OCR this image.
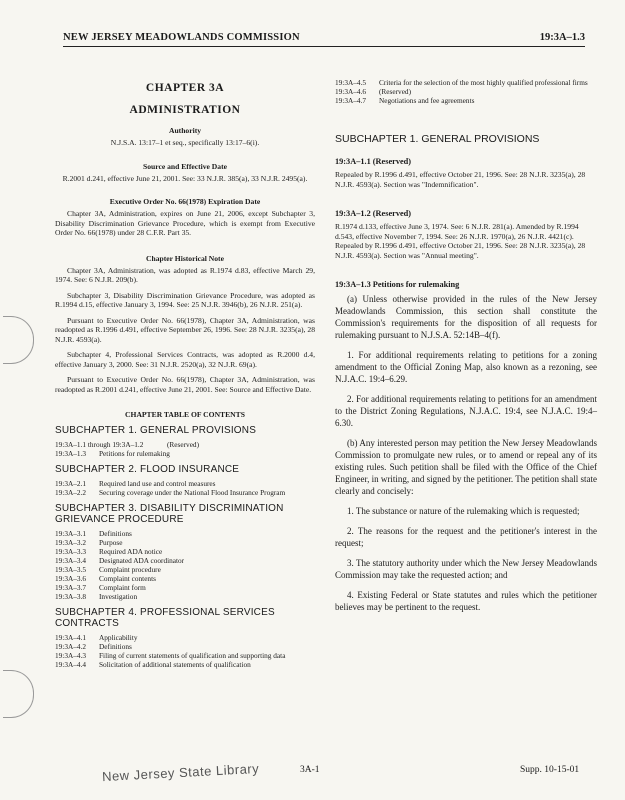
NEW JERSEY MEADOWLANDS COMMISSION	19:3A–1.3
CHAPTER 3A
ADMINISTRATION
Authority
N.J.S.A. 13:17–1 et seq., specifically 13:17–6(i).
Source and Effective Date
R.2001 d.241, effective June 21, 2001. See: 33 N.J.R. 385(a), 33 N.J.R. 2495(a).
Executive Order No. 66(1978) Expiration Date
Chapter 3A, Administration, expires on June 21, 2006, except Subchapter 3, Disability Discrimination Grievance Procedure, which is exempt from Executive Order No. 66(1978) under 28 C.F.R. Part 35.
Chapter Historical Note
Chapter 3A, Administration, was adopted as R.1974 d.83, effective March 29, 1974. See: 6 N.J.R. 209(b).
Subchapter 3, Disability Discrimination Grievance Procedure, was adopted as R.1994 d.15, effective January 3, 1994. See: 25 N.J.R. 3946(b), 26 N.J.R. 251(a).
Pursuant to Executive Order No. 66(1978), Chapter 3A, Administration, was readopted as R.1996 d.491, effective September 26, 1996. See: 28 N.J.R. 3235(a), 28 N.J.R. 4593(a).
Subchapter 4, Professional Services Contracts, was adopted as R.2000 d.4, effective January 3, 2000. See: 31 N.J.R. 2520(a), 32 N.J.R. 69(a).
Pursuant to Executive Order No. 66(1978), Chapter 3A, Administration, was readopted as R.2001 d.241, effective June 21, 2001. See: Source and Effective Date.
CHAPTER TABLE OF CONTENTS
SUBCHAPTER 1. GENERAL PROVISIONS
19:3A–1.1 through 19:3A–1.2	(Reserved)
19:3A–1.3	Petitions for rulemaking
SUBCHAPTER 2. FLOOD INSURANCE
19:3A–2.1	Required land use and control measures
19:3A–2.2	Securing coverage under the National Flood Insurance Program
SUBCHAPTER 3. DISABILITY DISCRIMINATION GRIEVANCE PROCEDURE
19:3A–3.1	Definitions
19:3A–3.2	Purpose
19:3A–3.3	Required ADA notice
19:3A–3.4	Designated ADA coordinator
19:3A–3.5	Complaint procedure
19:3A–3.6	Complaint contents
19:3A–3.7	Complaint form
19:3A–3.8	Investigation
SUBCHAPTER 4. PROFESSIONAL SERVICES CONTRACTS
19:3A–4.1	Applicability
19:3A–4.2	Definitions
19:3A–4.3	Filing of current statements of qualification and supporting data
19:3A–4.4	Solicitation of additional statements of qualification
19:3A–4.5	Criteria for the selection of the most highly qualified professional firms
19:3A–4.6	(Reserved)
19:3A–4.7	Negotiations and fee agreements
SUBCHAPTER 1. GENERAL PROVISIONS
19:3A–1.1 (Reserved)
Repealed by R.1996 d.491, effective October 21, 1996. See: 28 N.J.R. 3235(a), 28 N.J.R. 4593(a). Section was "Indemnification".
19:3A–1.2 (Reserved)
R.1974 d.133, effective June 3, 1974. See: 6 N.J.R. 281(a). Amended by R.1994 d.543, effective November 7, 1994. See: 26 N.J.R. 1970(a), 26 N.J.R. 4421(c). Repealed by R.1996 d.491, effective October 21, 1996. See: 28 N.J.R. 3235(a), 28 N.J.R. 4593(a). Section was "Annual meeting".
19:3A–1.3 Petitions for rulemaking
(a) Unless otherwise provided in the rules of the New Jersey Meadowlands Commission, this section shall constitute the Commission's requirements for the disposition of all requests for rulemaking pursuant to N.J.S.A. 52:14B–4(f).
1. For additional requirements relating to petitions for a zoning amendment to the Official Zoning Map, also known as a rezoning, see N.J.A.C. 19:4–6.29.
2. For additional requirements relating to petitions for an amendment to the District Zoning Regulations, N.J.A.C. 19:4, see N.J.A.C. 19:4–6.30.
(b) Any interested person may petition the New Jersey Meadowlands Commission to promulgate new rules, or to amend or repeal any of its existing rules. Such petition shall be filed with the Office of the Chief Engineer, in writing, and signed by the petitioner. The petition shall state clearly and concisely:
1. The substance or nature of the rulemaking which is requested;
2. The reasons for the request and the petitioner's interest in the request;
3. The statutory authority under which the New Jersey Meadowlands Commission may take the requested action; and
4. Existing Federal or State statutes and rules which the petitioner believes may be pertinent to the request.
New Jersey State Library	3A-1	Supp. 10-15-01
